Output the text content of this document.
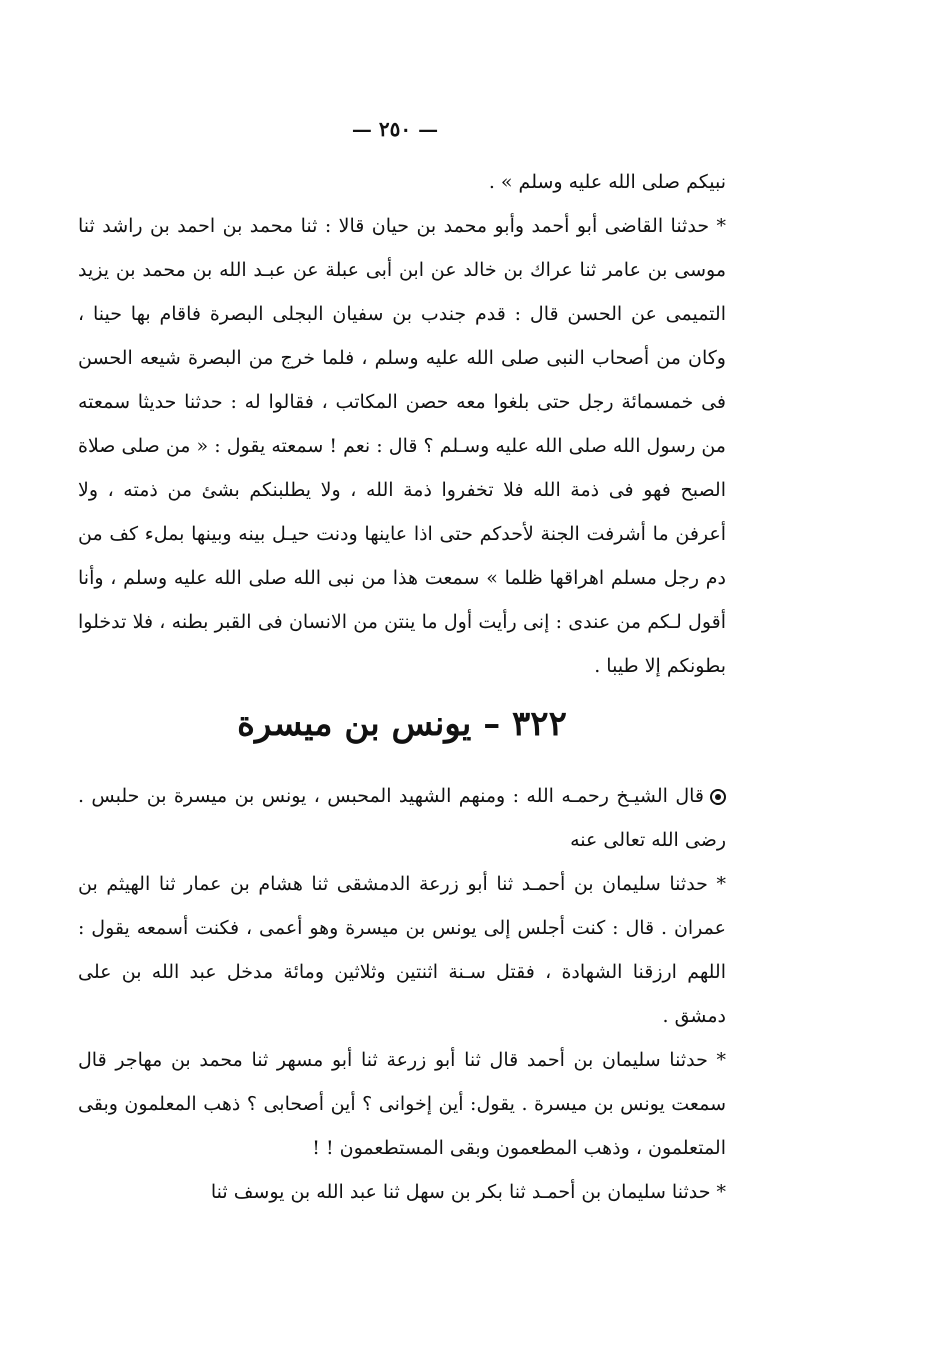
— ٢٥٠ —

نبيكم صلى الله عليه وسلم » .

* حدثنا القاضى أبو أحمد وأبو محمد بن حيان قالا : ثنا محمد بن احمد بن راشد ثنا موسى بن عامر ثنا عراك بن خالد عن ابن أبى عبلة عن عبـد الله بن محمد بن يزيد التميمى عن الحسن قال : قدم جندب بن سفيان البجلى البصرة فاقام بها حينا ، وكان من أصحاب النبى صلى الله عليه وسلم ، فلما خرج من البصرة شيعه الحسن فى خمسمائة رجل حتى بلغوا معه حصن المكاتب ، فقالوا له : حدثنا حديثا سمعته من رسول الله صلى الله عليه وسـلم ؟ قال : نعم ! سمعته يقول : « من صلى صلاة الصبح فهو فى ذمة الله فلا تخفروا ذمة الله ، ولا يطلبنكم بشئ من ذمته ، ولا أعرفن ما أشرفت الجنة لأحدكم حتى اذا عاينها ودنت حيـل بينه وبينها بملء كف من دم رجل مسلم اهراقها ظلما » سمعت هذا من نبى الله صلى الله عليه وسلم ، وأنا أقول لـكم من عندى : إنى رأيت أول ما ينتن من الانسان فى القبر بطنه ، فلا تدخلوا بطونكم إلا طيبا .

٣٢٢ – يونس بن ميسرة

قال الشيـخ رحمـه الله : ومنهم الشهيد المحبس ، يونس بن ميسرة بن حلبس . رضى الله تعالى عنه

* حدثنا سليمان بن أحمـد ثنا أبو زرعة الدمشقى ثنا هشام بن عمار ثنا الهيثم بن عمران . قال : كنت أجلس إلى يونس بن ميسرة وهو أعمى ، فكنت أسمعه يقول : اللهم ارزقنا الشهادة ، فقتل سـنة اثنتين وثلاثين ومائة مدخل عبد الله بن على دمشق .

* حدثنا سليمان بن أحمد قال ثنا أبو زرعة ثنا أبو مسهر ثنا محمد بن مهاجر قال سمعت يونس بن ميسرة . يقول: أين إخوانى ؟ أين أصحابى ؟ ذهب المعلمون وبقى المتعلمون ، وذهب المطعمون وبقى المستطعمون ! !

* حدثنا سليمان بن أحمـد ثنا بكر بن سهل ثنا عبد الله بن يوسف ثنا
